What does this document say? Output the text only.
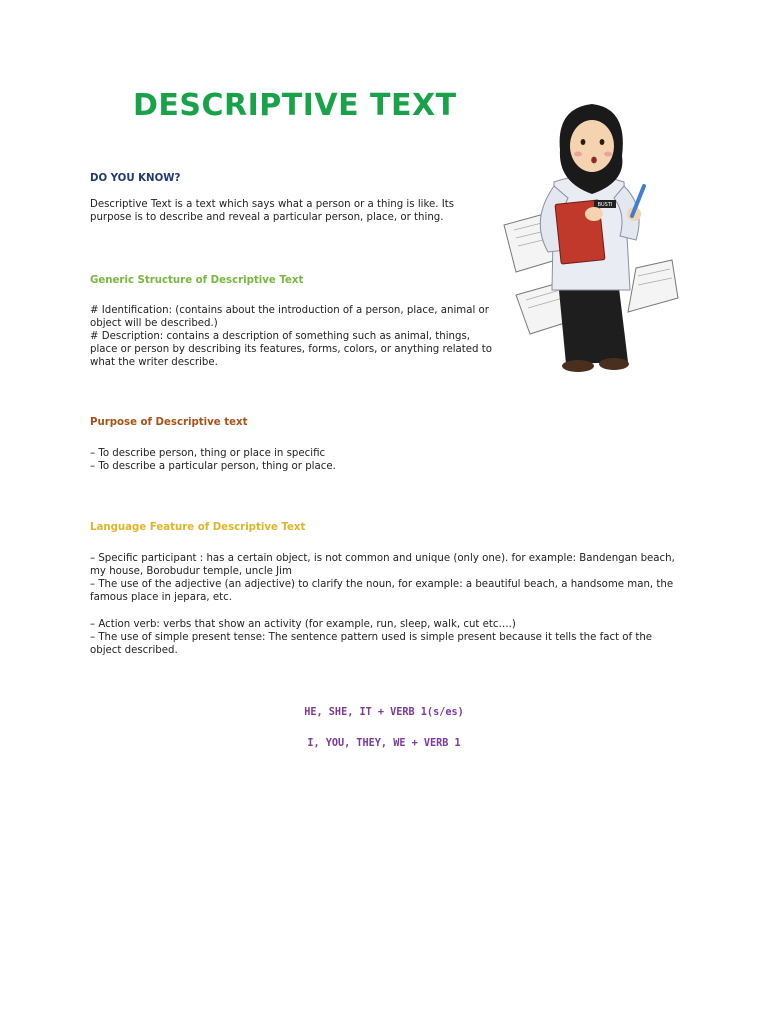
DESCRIPTIVE TEXT

DO YOU KNOW?

Descriptive Text is a text which says what a person or a thing is like. Its

purpose is to describe and reveal a particular person, place, or thing.

Generic Structure of Descriptive Text

# Identification: (contains about the introduction of a person, place, animal or

object will be described.)

# Description: contains a description of something such as animal, things,

place or person by describing its features, forms, colors, or anything related to

what the writer describe.

Purpose of Descriptive text

– To describe person, thing or place in specific

– To describe a particular person, thing or place.

Language Feature of Descriptive Text

– Specific participant : has a certain object, is not common and unique (only one). for example: Bandengan beach,

my house, Borobudur temple, uncle Jim

– The use of the adjective (an adjective) to clarify the noun, for example: a beautiful beach, a handsome man, the

famous place in jepara, etc.

– Action verb: verbs that show an activity (for example, run, sleep, walk, cut etc….)

– The use of simple present tense: The sentence pattern used is simple present because it tells the fact of the

object described.

HE, SHE, IT + VERB 1(s/es)

I, YOU, THEY, WE + VERB 1

BUSTI
